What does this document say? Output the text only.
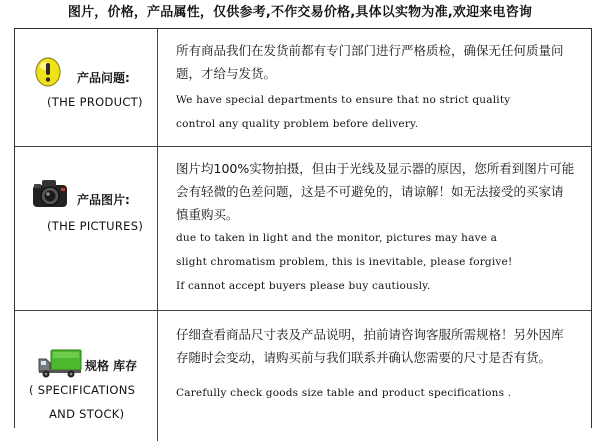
图片，价格，产品属性，仅供参考,不作交易价格,具体以实物为准,欢迎来电咨询
产品问题:
(THE PRODUCT)

所有商品我们在发货前都有专门部门进行严格质检，确保无任何质量问

题，才给与发货。

We have special departments to ensure that no strict quality

control any quality problem before delivery.

产品图片:
(THE PICTURES)

图片均100%实物拍摄，但由于光线及显示器的原因，您所看到图片可能

会有轻微的色差问题，这是不可避免的，请谅解！如无法接受的买家请

慎重购买。

due to taken in light and the monitor, pictures may have a

slight chromatism problem, this is inevitable, please forgive!

If cannot accept buyers please buy cautiously.

规格 库存
( SPECIFICATIONS
AND STOCK)

仔细查看商品尺寸表及产品说明，拍前请咨询客服所需规格！另外因库

存随时会变动，请购买前与我们联系并确认您需要的尺寸是否有货。

Carefully check goods size table and product specifications .
